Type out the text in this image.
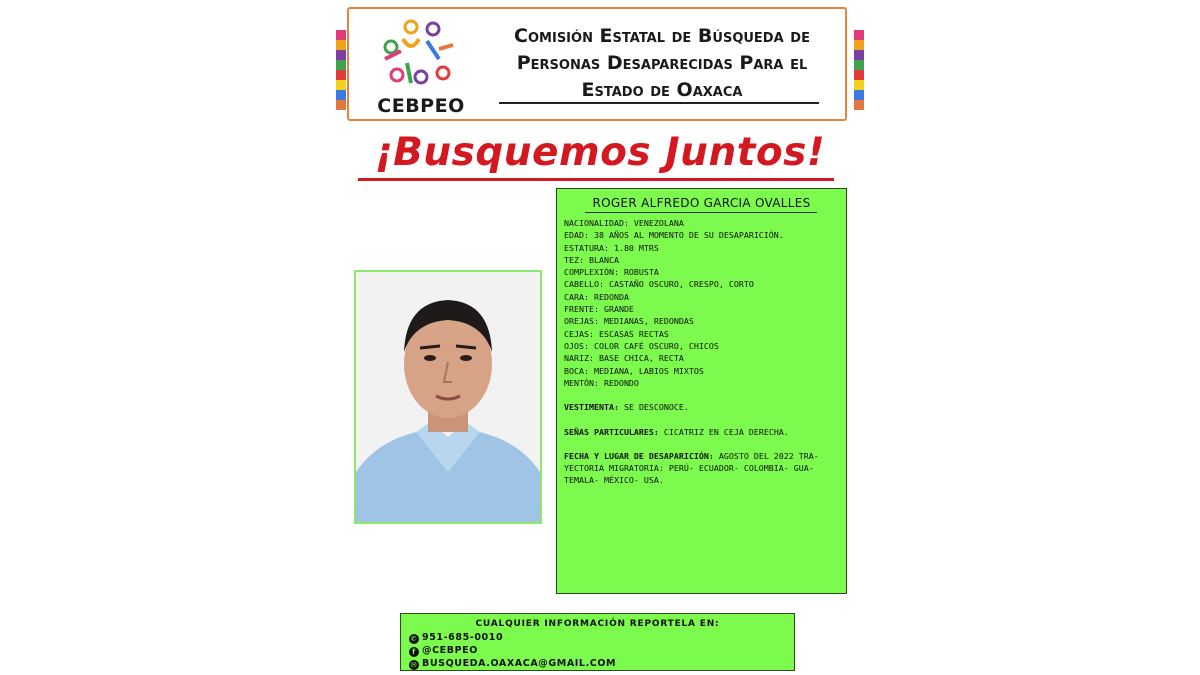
CEBPEO
Comisión Estatal de Búsqueda de
Personas Desaparecidas Para el
Estado de Oaxaca
¡Busquemos Juntos!
ROGER ALFREDO GARCIA OVALLES
NACIONALIDAD: VENEZOLANA
EDAD: 38 AÑOS AL MOMENTO DE SU DESAPARICIÓN.
ESTATURA: 1.80 MTRS
TEZ: BLANCA
COMPLEXIÓN: ROBUSTA
CABELLO: CASTAÑO OSCURO, CRESPO, CORTO
CARA: REDONDA
FRENTE: GRANDE
OREJAS: MEDIANAS, REDONDAS
CEJAS: ESCASAS RECTAS
OJOS: COLOR CAFÉ OSCURO, CHICOS
NARIZ: BASE CHICA, RECTA
BOCA: MEDIANA, LABIOS MIXTOS
MENTÓN: REDONDO
VESTIMENTA: SE DESCONOCE.
SEÑAS PARTICULARES: CICATRIZ EN CEJA DERECHA.
FECHA Y LUGAR DE DESAPARICIÓN: AGOSTO DEL 2022 TRA-YECTORIA MIGRATORIA: PERÚ- ECUADOR- COLOMBIA- GUA-TEMALA- MÉXICO- USA.
CUALQUIER INFORMACIÓN REPORTELA EN:
✆ 951-685-0010
f @CEBPEO
✉ BUSQUEDA.OAXACA@GMAIL.COM
